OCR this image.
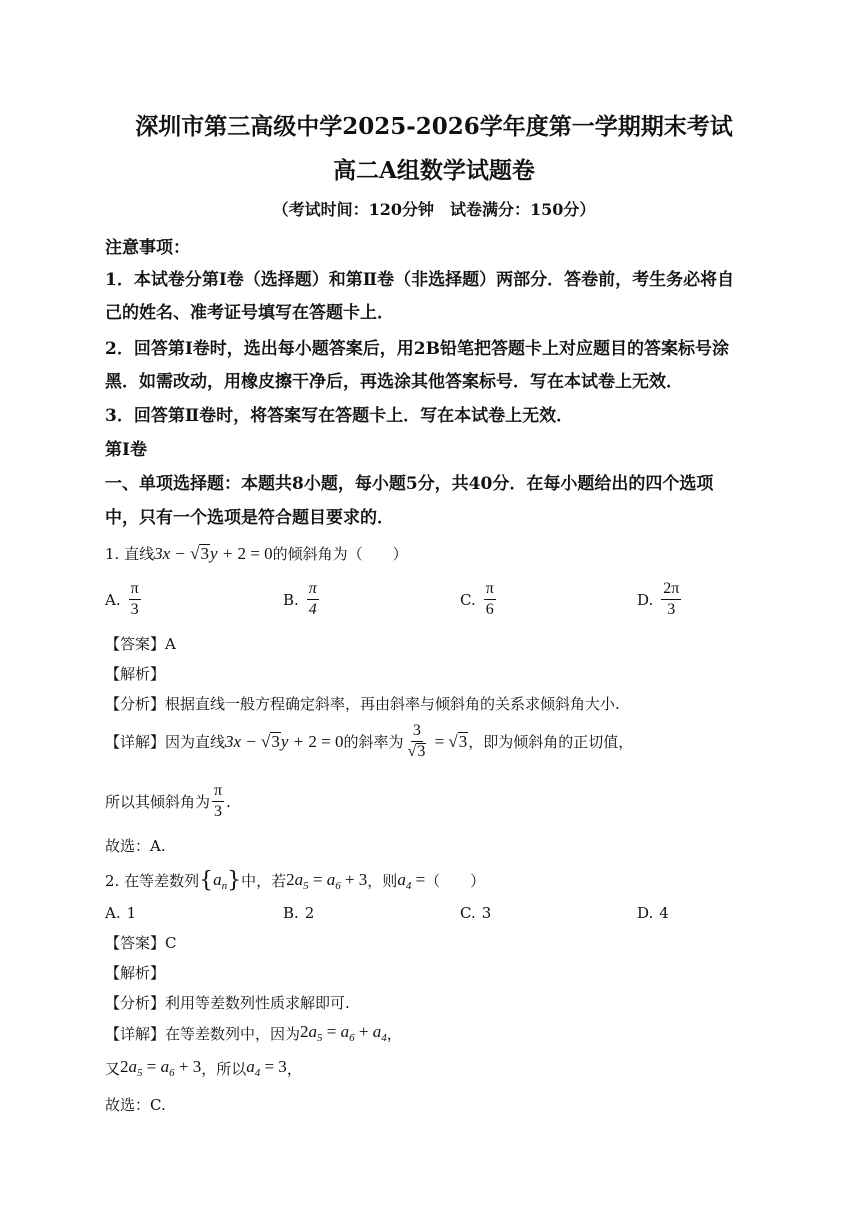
深圳市第三高级中学2025-2026学年度第一学期期末考试
高二A组数学试题卷
（考试时间：120分钟　试卷满分：150分）
注意事项：
1．本试卷分第Ⅰ卷（选择题）和第Ⅱ卷（非选择题）两部分．答卷前，考生务必将自
己的姓名、准考证号填写在答题卡上．
2．回答第Ⅰ卷时，选出每小题答案后，用2B铅笔把答题卡上对应题目的答案标号涂
黑．如需改动，用橡皮擦干净后，再选涂其他答案标号．写在本试卷上无效．
3．回答第Ⅱ卷时，将答案写在答题卡上．写在本试卷上无效．
第Ⅰ卷
一、单项选择题：本题共8小题，每小题5分，共40分．在每小题给出的四个选项
中，只有一个选项是符合题目要求的．
1. 直线3x − √3y + 2 = 0的倾斜角为（　　）
A. $\frac{\pi}{3}$	B. $\frac{\pi}{4}$	C. $\frac{\pi}{6}$	D. $\frac{2\pi}{3}$
【答案】A
【解析】
【分析】根据直线一般方程确定斜率，再由斜率与倾斜角的关系求倾斜角大小.
【详解】因为直线 3x − √3y + 2 = 0 的斜率为 $\frac{3}{√3} = √3$ ，即为倾斜角的正切值，
所以其倾斜角为 $\frac{\pi}{3}$ .
故选：A.
2. 在等差数列 $\{a_n\}$ 中，若 $2a_5 = a_6 + 3$ ，则 $a_4$ = （　　）
A. 1	B. 2	C. 3	D. 4
【答案】C
【解析】
【分析】利用等差数列性质求解即可.
【详解】在等差数列中，因为 $2a_5 = a_6 + a_4$ ，
又 $2a_5 = a_6 + 3$ ，所以 $a_4 = 3$ ，
故选：C.
